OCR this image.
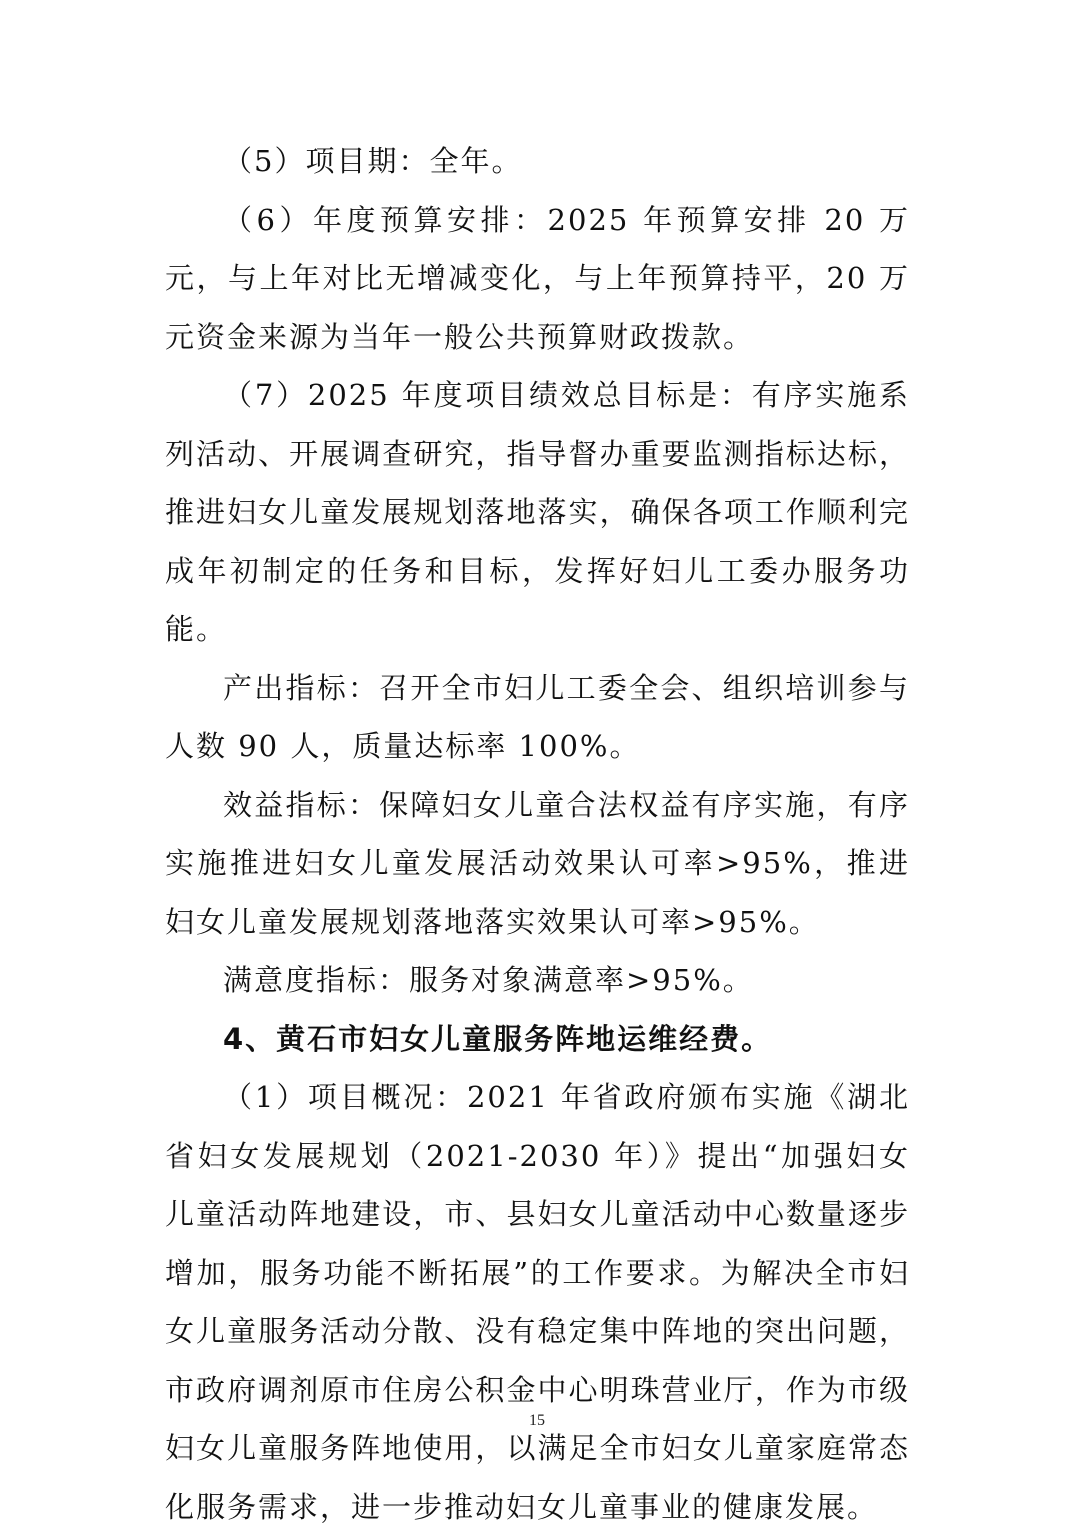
（5）项目期：全年。

（6）年度预算安排：2025 年预算安排 20 万元，与上年对比无增减变化，与上年预算持平，20 万元资金来源为当年一般公共预算财政拨款。

（7）2025 年度项目绩效总目标是：有序实施系列活动、开展调查研究，指导督办重要监测指标达标，推进妇女儿童发展规划落地落实，确保各项工作顺利完成年初制定的任务和目标，发挥好妇儿工委办服务功能。

产出指标：召开全市妇儿工委全会、组织培训参与人数 90 人，质量达标率 100%。

效益指标：保障妇女儿童合法权益有序实施，有序实施推进妇女儿童发展活动效果认可率>95%，推进妇女儿童发展规划落地落实效果认可率>95%。

满意度指标：服务对象满意率>95%。

4、黄石市妇女儿童服务阵地运维经费。

（1）项目概况：2021 年省政府颁布实施《湖北省妇女发展规划（2021-2030 年）》提出“加强妇女儿童活动阵地建设，市、县妇女儿童活动中心数量逐步增加，服务功能不断拓展”的工作要求。为解决全市妇女儿童服务活动分散、没有稳定集中阵地的突出问题，市政府调剂原市住房公积金中心明珠营业厅，作为市级妇女儿童服务阵地使用，以满足全市妇女儿童家庭常态化服务需求，进一步推动妇女儿童事业的健康发展。

15
